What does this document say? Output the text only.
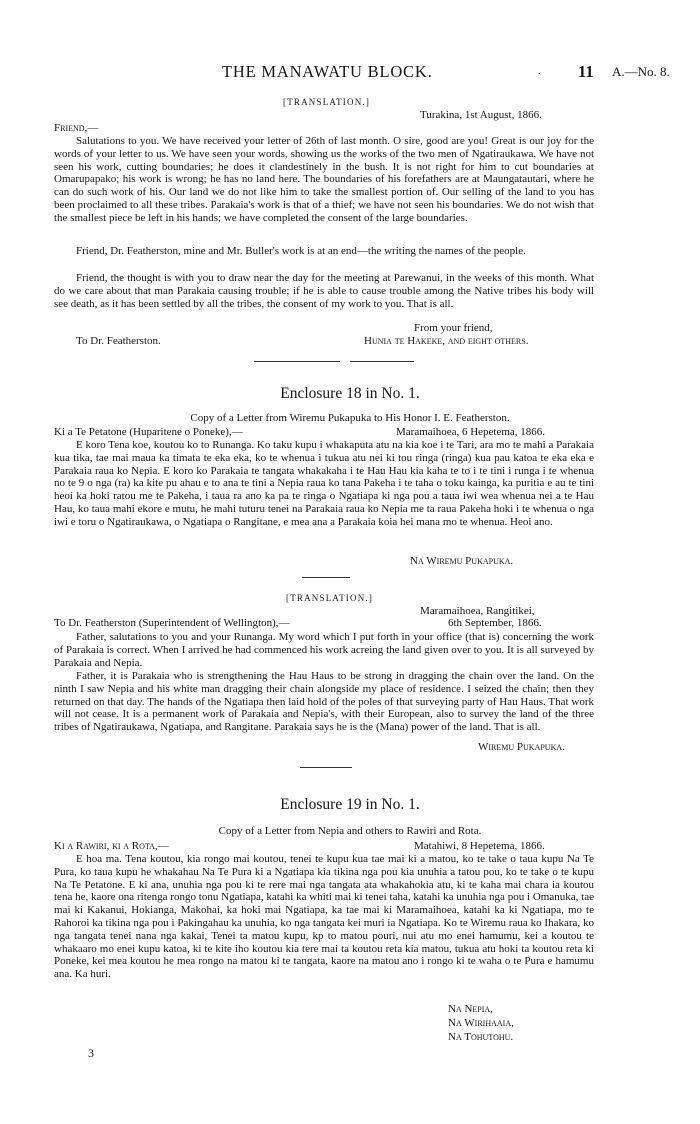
THE MANAWATU BLOCK.	. 11 A.—No. 8.
[TRANSLATION.]
Turakina, 1st August, 1866.
Friend,—
Salutations to you. We have received your letter of 26th of last month. O sire, good are you! Great is our joy for the words of your letter to us. We have seen your words, showing us the works of the two men of Ngatiraukawa. We have not seen his work, cutting boundaries; he does it clandestinely in the bush. It is not right for him to cut boundaries at Omarupapako; his work is wrong; he has no land here. The boundaries of his forefathers are at Maungatautari, where he can do such work of his. Our land we do not like him to take the smallest portion of. Our selling of the land to you has been proclaimed to all these tribes. Parakaia's work is that of a thief; we have not seen his boundaries. We do not wish that the smallest piece be left in his hands; we have completed the consent of the large boundaries.
Friend, Dr. Featherston, mine and Mr. Buller's work is at an end—the writing the names of the people.
Friend, the thought is with you to draw near the day for the meeting at Parewanui, in the weeks of this month. What do we care about that man Parakaia causing trouble; if he is able to cause trouble among the Native tribes his body will see death, as it has been settled by all the tribes, the consent of my work to you. That is all.
From your friend,
To Dr. Featherston.	Hunia te Hakeke, and eight others.
Enclosure 18 in No. 1.
Copy of a Letter from Wiremu Pukapuka to His Honor I. E. Featherston.
Ki a Te Petatone (Huparitene o Poneke),—	Maramaihoea, 6 Hepetema, 1866.
E koro Tena koe, koutou ko to Runanga. Ko taku kupu i whakaputa atu na kia koe i te Tari, ara mo te mahi a Parakaia kua tika, tae mai maua ka timata te eka eka, ko te whenua i tukua atu nei ki tou ringa (ringa) kua pau katoa te eka eka e Parakaia raua ko Nepia. E koro ko Parakaia te tangata whakakaha i te Hau Hau kia kaha te to i te tini i runga i te whenua no te 9 o nga (ra) ka kite pu ahau e to ana te tini a Nepia raua ko tana Pakeha i te taha o toku kainga, ka puritia e au te tini heoi ka hoki ratou me te Pakeha, i taua ra ano ka pa te ringa o Ngatiapa ki nga pou a taua iwi wea whenua nei a te Hau Hau, ko taua mahi ekore e mutu, he mahi tuturu tenei na Parakaia raua ko Nepia me ta raua Pakeha hoki i te whenua o nga iwi e toru o Ngatiraukawa, o Ngatiapa o Rangitane, e mea ana a Parakaia koia hei mana mo te whenua. Heoi ano.
Na Wiremu Pukapuka.
[TRANSLATION.]
Maramaihoea, Rangitikei,
To Dr. Featherston (Superintendent of Wellington),—	6th September, 1866.
Father, salutations to you and your Runanga. My word which I put forth in your office (that is) concerning the work of Parakaia is correct. When I arrived he had commenced his work acreing the land given over to you. It is all surveyed by Parakaia and Nepia.
Father, it is Parakaia who is strengthening the Hau Haus to be strong in dragging the chain over the land. On the ninth I saw Nepia and his white man dragging their chain alongside my place of residence. I seized the chain; then they returned on that day. The hands of the Ngatiapa then laid hold of the poles of that surveying party of Hau Haus. That work will not cease. It is a permanent work of Parakaia and Nepia's, with their European, also to survey the land of the three tribes of Ngatiraukawa, Ngatiapa, and Rangitane. Parakaia says he is the (Mana) power of the land. That is all.
Wiremu Pukapuka.
Enclosure 19 in No. 1.
Copy of a Letter from Nepia and others to Rawiri and Rota.
Ki a Rawiri, ki a Rota,—	Matahiwi, 8 Hepetema, 1866.
E hoa ma. Tena koutou, kia rongo mai koutou, tenei te kupu kua tae mai ki a matou, ko te take o taua kupu Na Te Pura, ko taua kupu he whakahau Na Te Pura ki a Ngatiapa kia tikina nga pou kia unuhia a tatou pou, ko te take o te kupu Na Te Petatone. E ki ana, unuhia nga pou ki te rere mai nga tangata ata whakahokia atu, ki te kaha mai chara ia koutou tena he, kaore ona ritenga rongo tonu Ngatiapa, katahi ka whiti mai ki tenei taha, katahi ka unuhia nga pou i Omanuka, tae mai ki Kakanui, Hokianga, Makohai, ka hoki mai Ngatiapa, ka tae mai ki Maramaihoea, katahi ka ki Ngatiapa, mo te Rahoroi ka tikina nga pou i Pakingahau ka unuhia, ko nga tangata kei muri ia Ngatiapa. Ko te Wiremu raua ko Ihakara, ko nga tangata tenei nana nga kakai, Tenei ta matou kupu, kp to matou pouri, nui atu mo enei hamumu, kei a koutou te whakaaro mo enei kupu katoa, ki te kite iho koutou kia tere mai ta koutou reta kia matou, tukua atu hoki ta koutou reta ki Poneke, kei mea koutou he mea rongo na matou ki te tangata, kaore na matou ano i rongo ki te waha o te Pura e hamumu ana. Ka huri.
Na Nepia,
Na Wirihaaia,
Na Tohutohu.
3
